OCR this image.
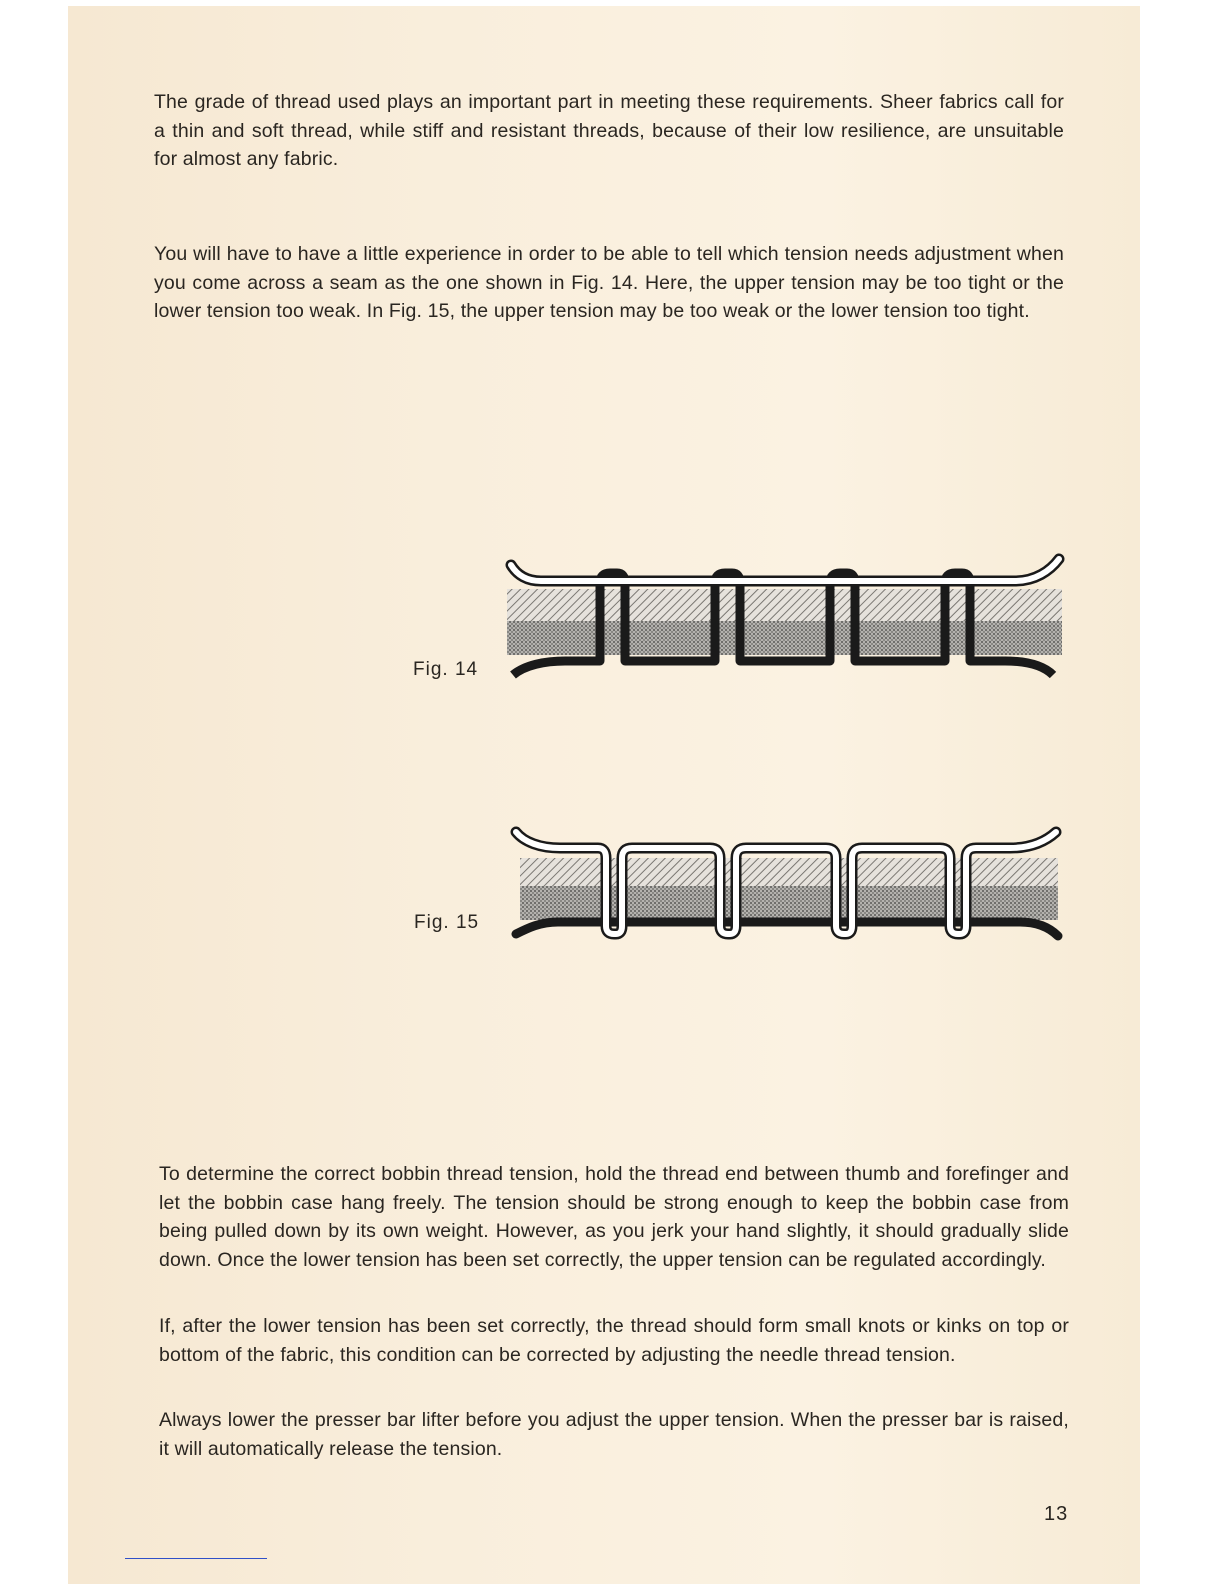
The grade of thread used plays an important part in meeting these requirements. Sheer fabrics call for a thin and soft thread, while stiff and resistant threads, because of their low resilience, are unsuitable for almost any fabric.

You will have to have a little experience in order to be able to tell which tension needs adjustment when you come across a seam as the one shown in Fig. 14. Here, the upper tension may be too tight or the lower tension too weak. In Fig. 15, the upper tension may be too weak or the lower tension too tight.

Fig. 14
Fig. 15

To determine the correct bobbin thread tension, hold the thread end between thumb and forefinger and let the bobbin case hang freely. The tension should be strong enough to keep the bobbin case from being pulled down by its own weight. However, as you jerk your hand slightly, it should gradually slide down. Once the lower tension has been set correctly, the upper tension can be regulated accordingly.

If, after the lower tension has been set correctly, the thread should form small knots or kinks on top or bottom of the fabric, this condition can be corrected by adjusting the needle thread tension.

Always lower the presser bar lifter before you adjust the upper tension. When the presser bar is raised, it will automatically release the tension.

13
